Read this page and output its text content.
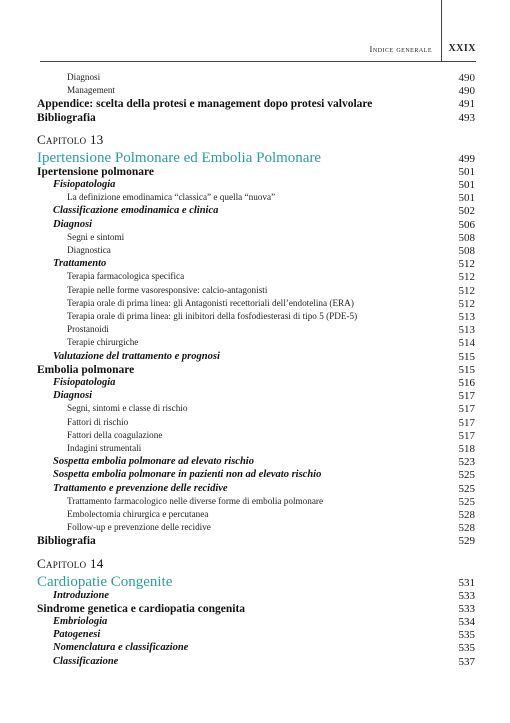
Indice generale XXIX
Diagnosi	490
Management	490
Appendice: scelta della protesi e management dopo protesi valvolare	491
Bibliografia	493
Capitolo 13
Ipertensione Polmonare ed Embolia Polmonare	499
Ipertensione polmonare	501
Fisiopatologia	501
La definizione emodinamica “classica” e quella “nuova”	501
Classificazione emodinamica e clinica	502
Diagnosi	506
Segni e sintomi	508
Diagnostica	508
Trattamento	512
Terapia farmacologica specifica	512
Terapie nelle forme vasoresponsive: calcio-antagonisti	512
Terapia orale di prima linea: gli Antagonisti recettoriali dell’endotelina (ERA)	512
Terapia orale di prima linea: gli inibitori della fosfodiesterasi di tipo 5 (PDE-5)	513
Prostanoidi	513
Terapie chirurgiche	514
Valutazione del trattamento e prognosi	515
Embolia polmonare	515
Fisiopatologia	516
Diagnosi	517
Segni, sintomi e classe di rischio	517
Fattori di rischio	517
Fattori della coagulazione	517
Indagini strumentali	518
Sospetta embolia polmonare ad elevato rischio	523
Sospetta embolia polmonare in pazienti non ad elevato rischio	525
Trattamento e prevenzione delle recidive	525
Trattamento farmacologico nelle diverse forme di embolia polmonare	525
Embolectomia chirurgica e percutanea	528
Follow-up e prevenzione delle recidive	528
Bibliografia	529
Capitolo 14
Cardiopatie Congenite	531
Introduzione	533
Sindrome genetica e cardiopatia congenita	533
Embriologia	534
Patogenesi	535
Nomenclatura e classificazione	535
Classificazione	537
